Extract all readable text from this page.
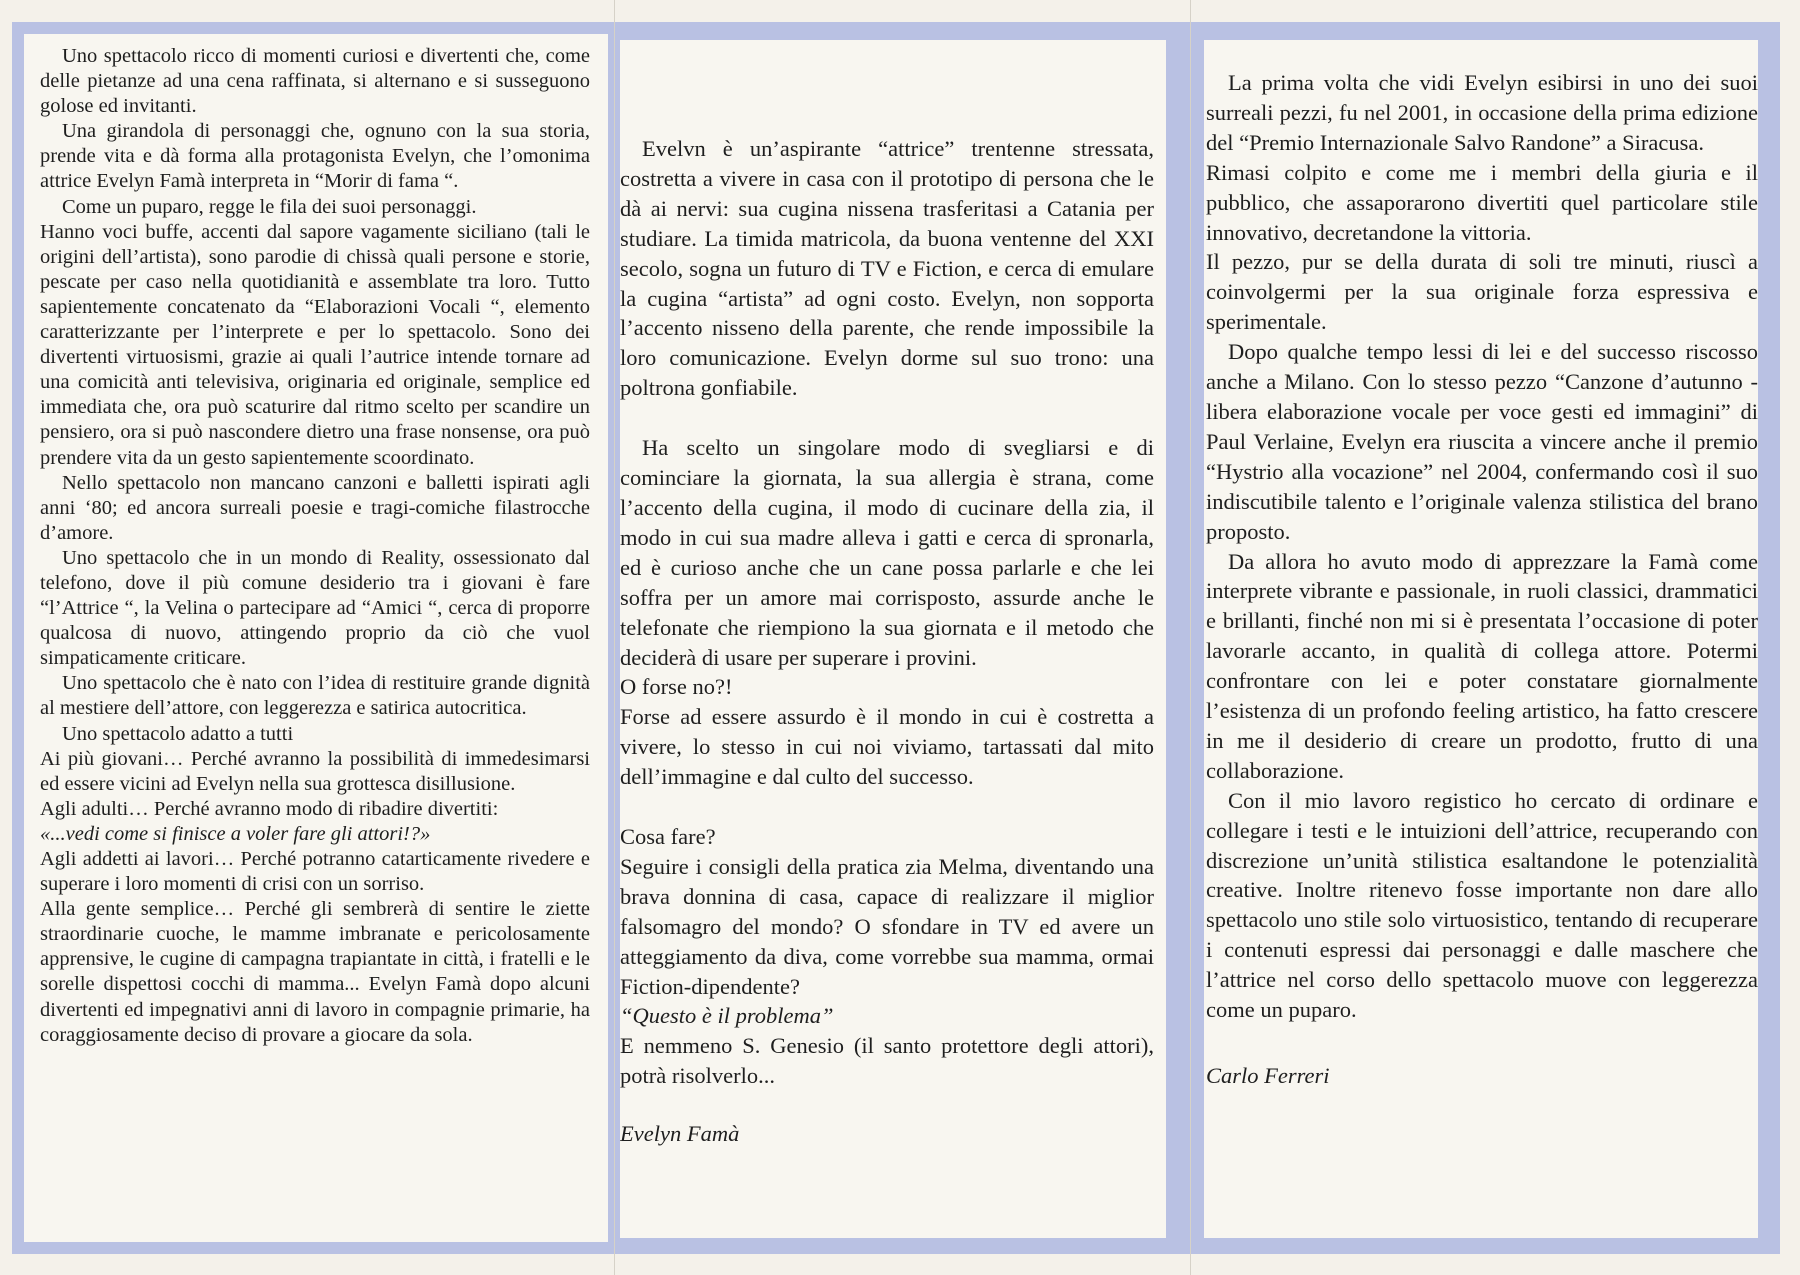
Uno spettacolo ricco di momenti curiosi e divertenti che, come delle pietanze ad una cena raffinata, si alternano e si susseguono golose ed invitanti.

Una girandola di personaggi che, ognuno con la sua storia, prende vita e dà forma alla protagonista Evelyn, che l’omonima attrice Evelyn Famà interpreta in “Morir di fama “.

Come un puparo, regge le fila dei suoi personaggi.

Hanno voci buffe, accenti dal sapore vagamente siciliano (tali le origini dell’artista), sono parodie di chissà quali persone e storie, pescate per caso nella quotidianità e assemblate tra loro. Tutto sapientemente concatenato da “Elaborazioni Vocali “, elemento caratterizzante per l’interprete e per lo spettacolo. Sono dei divertenti virtuosismi, grazie ai quali l’autrice intende tornare ad una comicità anti televisiva, originaria ed originale, semplice ed immediata che, ora può scaturire dal ritmo scelto per scandire un pensiero, ora si può nascondere dietro una frase nonsense, ora può prendere vita da un gesto sapientemente scoordinato.

Nello spettacolo non mancano canzoni e balletti ispirati agli anni ‘80; ed ancora surreali poesie e tragi-comiche filastrocche d’amore.

Uno spettacolo che in un mondo di Reality, ossessionato dal telefono, dove il più comune desiderio tra i giovani è fare “l’Attrice “, la Velina o partecipare ad “Amici “, cerca di proporre qualcosa di nuovo, attingendo proprio da ciò che vuol simpaticamente criticare.

Uno spettacolo che è nato con l’idea di restituire grande dignità al mestiere dell’attore, con leggerezza e satirica autocritica.

Uno spettacolo adatto a tutti

Ai più giovani… Perché avranno la possibilità di immedesimarsi ed essere vicini ad Evelyn nella sua grottesca disillusione.

Agli adulti… Perché avranno modo di ribadire divertiti:

«...vedi come si finisce a voler fare gli attori!?»

Agli addetti ai lavori… Perché potranno catarticamente rivedere e superare i loro momenti di crisi con un sorriso.

Alla gente semplice… Perché gli sembrerà di sentire le ziette straordinarie cuoche, le mamme imbranate e pericolosamente apprensive, le cugine di campagna trapiantate in città, i fratelli e le sorelle dispettosi cocchi di mamma... Evelyn Famà dopo alcuni divertenti ed impegnativi anni di lavoro in compagnie primarie, ha coraggiosamente deciso di provare a giocare da sola.

Evelvn è un’aspirante “attrice” trentenne stressata, costretta a vivere in casa con il prototipo di persona che le dà ai nervi: sua cugina nissena trasferitasi a Catania per studiare. La timida matricola, da buona ventenne del XXI secolo, sogna un futuro di TV e Fiction, e cerca di emulare la cugina “artista” ad ogni costo. Evelyn, non sopporta l’accento nisseno della parente, che rende impossibile la loro comunicazione. Evelyn dorme sul suo trono: una poltrona gonfiabile.

Ha scelto un singolare modo di svegliarsi e di cominciare la giornata, la sua allergia è strana, come l’accento della cugina, il modo di cucinare della zia, il modo in cui sua madre alleva i gatti e cerca di spronarla, ed è curioso anche che un cane possa parlarle e che lei soffra per un amore mai corrisposto, assurde anche le telefonate che riempiono la sua giornata e il metodo che deciderà di usare per superare i provini.

O forse no?!

Forse ad essere assurdo è il mondo in cui è costretta a vivere, lo stesso in cui noi viviamo, tartassati dal mito dell’immagine e dal culto del successo.

Cosa fare?

Seguire i consigli della pratica zia Melma, diventando una brava donnina di casa, capace di realizzare il miglior falsomagro del mondo? O sfondare in TV ed avere un atteggiamento da diva, come vorrebbe sua mamma, ormai Fiction-dipendente?

“Questo è il problema”

E nemmeno S. Genesio (il santo protettore degli attori), potrà risolverlo...

Evelyn Famà

La prima volta che vidi Evelyn esibirsi in uno dei suoi surreali pezzi, fu nel 2001, in occasione della prima edizione del “Premio Internazionale Salvo Randone” a Siracusa.

Rimasi colpito e come me i membri della giuria e il pubblico, che assaporarono divertiti quel particolare stile innovativo, decretandone la vittoria.

Il pezzo, pur se della durata di soli tre minuti, riuscì a coinvolgermi per la sua originale forza espressiva e sperimentale.

Dopo qualche tempo lessi di lei e del successo riscosso anche a Milano. Con lo stesso pezzo “Canzone d’autunno - libera elaborazione vocale per voce gesti ed immagini” di Paul Verlaine, Evelyn era riuscita a vincere anche il premio “Hystrio alla vocazione” nel 2004, confermando così il suo indiscutibile talento e l’originale valenza stilistica del brano proposto.

Da allora ho avuto modo di apprezzare la Famà come interprete vibrante e passionale, in ruoli classici, drammatici e brillanti, finché non mi si è presentata l’occasione di poter lavorarle accanto, in qualità di collega attore. Potermi confrontare con lei e poter constatare giornalmente l’esistenza di un profondo feeling artistico, ha fatto crescere in me il desiderio di creare un prodotto, frutto di una collaborazione.

Con il mio lavoro registico ho cercato di ordinare e collegare i testi e le intuizioni dell’attrice, recuperando con discrezione un’unità stilistica esaltandone le potenzialità creative. Inoltre ritenevo fosse importante non dare allo spettacolo uno stile solo virtuosistico, tentando di recuperare i contenuti espressi dai personaggi e dalle maschere che l’attrice nel corso dello spettacolo muove con leggerezza come un puparo.

Carlo Ferreri
